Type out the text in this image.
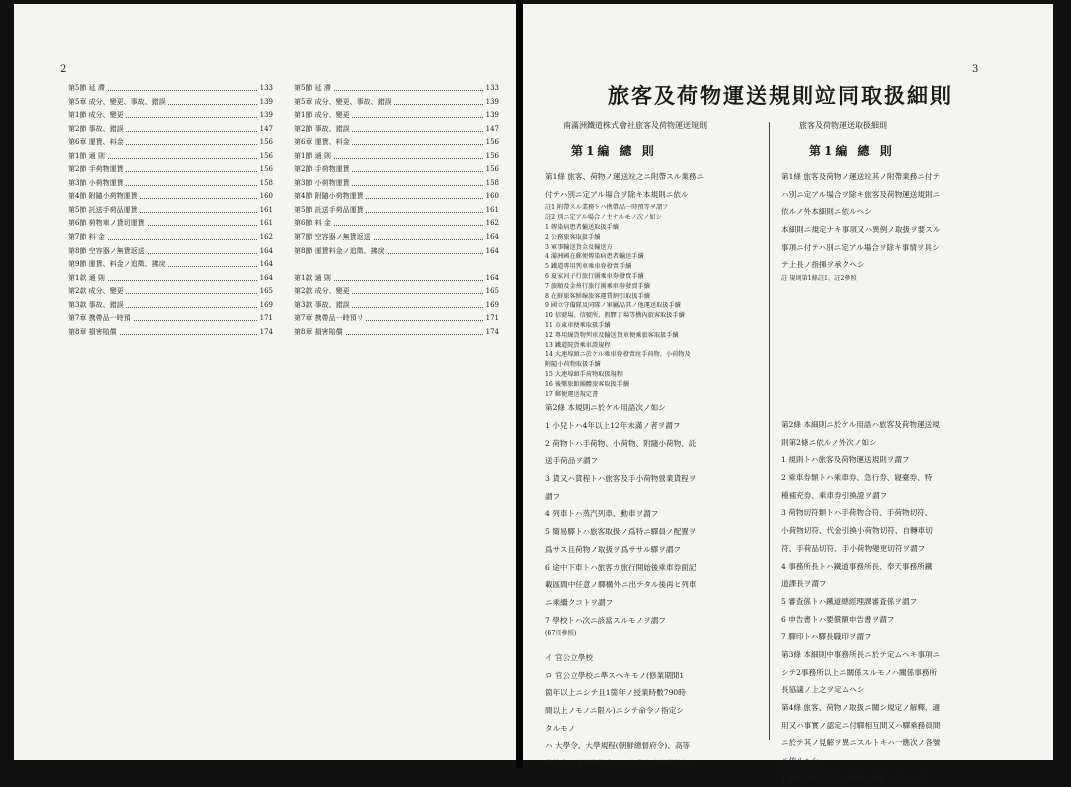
2
第5節 延 滯	133
第5章 成分、變更、事故、錯誤	139
第1節 成分、變更	139
第2節 事故、錯誤	147
第6章 運賃、料金	156
第1節 通 則	156
第2節 手荷物運賃	156
第3節 小荷物運賃	158
第4節 附隨小荷物運賃	160
第5節 託送手荷品運賃	161
第6節 荷物車ノ貸切運賃	161
第7節 料 金	162
第8節 空容器ノ無賃返送	164
第9節 運賃、料金ノ追徵、拂戾	164
第1款 通 則	164
第2款 成分、變更	165
第3款 事故、錯誤	169
第7章 携帶品一時預	171
第8章 損害賠償	174
第5節 延 滯	133
第5章 成分、變更、事故、錯誤	139
第1節 成分、變更	139
第2節 事故、錯誤	147
第6章 運賃、料金	156
第1節 通 則	156
第2節 手荷物運賃	156
第3節 小荷物運賃	158
第4節 附隨小荷物運賃	160
第5節 託送手荷品運賃	161
第6節 料 金	162
第7節 空容器ノ無賃返送	164
第8節 運賃料金ノ追徵、拂戾	164
第1款 通 則	164
第2款 成分、變更	165
第3款 事故、錯誤	169
第7章 携帶品一時預リ	171
第8章 損害賠償	174
3
旅客及荷物運送規則竝同取扱細則
南滿洲鐵道株式會社旅客及荷物運送規則
第1編 總 則
第1條 旅客、荷物ノ運送竝之ニ附帶スル業務ニ
付テハ別ニ定アル場合ヲ除キ本規則ニ依ル
註1 附帶スル業務トハ携帶品一時預等ヲ謂フ
註2 別ニ定アル場合ノ主ナルモノ次ノ如シ
1 傳染病患者輸送取扱手續
2 公務旅客取扱手續
3 軍事輸送貨金及輸送方
4 滿洲國在郵便傳染病患者輸送手續
5 鐵道專用列車乘車券發賣手續
6 夏家河子行旅行團乘車券發賣手續
7 旅順及金州行旅行團乘車券發賣手續
8 在鮮旅客鮮線旅客運賃割引取扱手續
9 國立守備隊及同隊ノ軍屬品其ノ他運送取扱手續
10 信號場、信號所、假驛丁場等構內旅客取扱手續
11 市東車便乘取扱手續
12 專用線貨物列車及輸送貨車便乘旅客取扱手續
13 鐵道院貨乘車證規程
14 大連埠頭ニ於ケル乘車券發賣竝手荷物、小荷物及
附隨小荷物取扱手續
15 大連埠頭手荷物取扱規程
16 後樂旅館團體旅客取扱手續
17 郵便運送規定書
第2條 本規則ニ於ケル用語次ノ如シ
1 小兒トハ4年以上12年未滿ノ者ヲ謂フ
2 荷物トハ手荷物、小荷物、附隨小荷物、託
送手荷品ヲ謂フ
3 貨又ハ貨程トハ旅客及手小荷物營業貨程ヲ
謂フ
4 列車トハ蒸汽列車、動車ヲ謂フ
5 簡易驛トハ旅客取扱ノ爲特ニ驛員ノ配置ヲ
爲サス且荷物ノ取扱ヲ爲ササル驛ヲ謂フ
6 途中下車トハ旅客カ旅行開始後乘車券面記
載區間中任意ノ驛構外ニ出テタル後再ヒ列車
ニ乘繼クコトヲ謂フ
7 學校トハ次ニ該當スルモノヲ謂フ
(67頁參照)
イ 官公立學校
ロ 官公立學校ニ準スヘキモノ(修業期間1
箇年以上ニシテ且1箇年ノ授業時數790時
間以上ノモノニ限ル)ニシテ命令ノ指定シ
タルモノ
ハ 大學令、大學規程(朝鮮總督府令)、高等
學校令、專門學校令、公立私立專門學校規
旅客及荷物運送取扱細則
第1編 總 則
第1條 旅客及荷物ノ運送竝其ノ附帶業務ニ付テ
ハ別ニ定アル場合ヲ除キ旅客及荷物運送規則ニ
依ルノ外本細則ニ依ルヘシ
本細則ニ規定ナキ事項又ハ異例ノ取扱ヲ要スル
事項ニ付テハ別ニ定アル場合ヲ除キ事情ヲ具シ
テ上長ノ指揮ヲ承クヘシ
註 規則第1條註1、註2參照
第2條 本細則ニ於ケル用語ハ旅客及荷物運送規
則第2條ニ依ルノ外次ノ如シ
1 規則トハ旅客及荷物運送規則ヲ謂フ
2 乘車券類トハ乘車券、急行券、寢臺券、特
種補充券、乘車券引換證ヲ謂フ
3 荷物切符類トハ手荷物合符、手荷物切符、
小荷物切符、代金引換小荷物切符、自轉車切
符、手荷品切符、手小荷物變更切符ヲ謂フ
4 事務所長トハ鐵道事務所長、奉天事務所鐵
道課長ヲ謂フ
5 審査係トハ鐵道總經理課審査係ヲ謂フ
6 申告書トハ要償額申告書ヲ謂フ
7 驛印トハ驛長職印ヲ謂フ
第3條 本細則中事務所長ニ於テ定ムヘキ事項ニ
シテ2事務所以上ニ關係スルモノハ關係事務所
長協議ノ上之ヲ定ムヘシ
第4條 旅客、荷物ノ取扱ニ關シ規定ノ解釋、適
用又ハ事實ノ認定ニ付驛相互間又ハ驛乘務員間
ニ於テ其ノ見解ヲ異ニスルトキハ一應次ノ各號
ニ依ルヘシ
1 驛相互間ニ於テハ發驛ノ取扱ニ依ルコト
